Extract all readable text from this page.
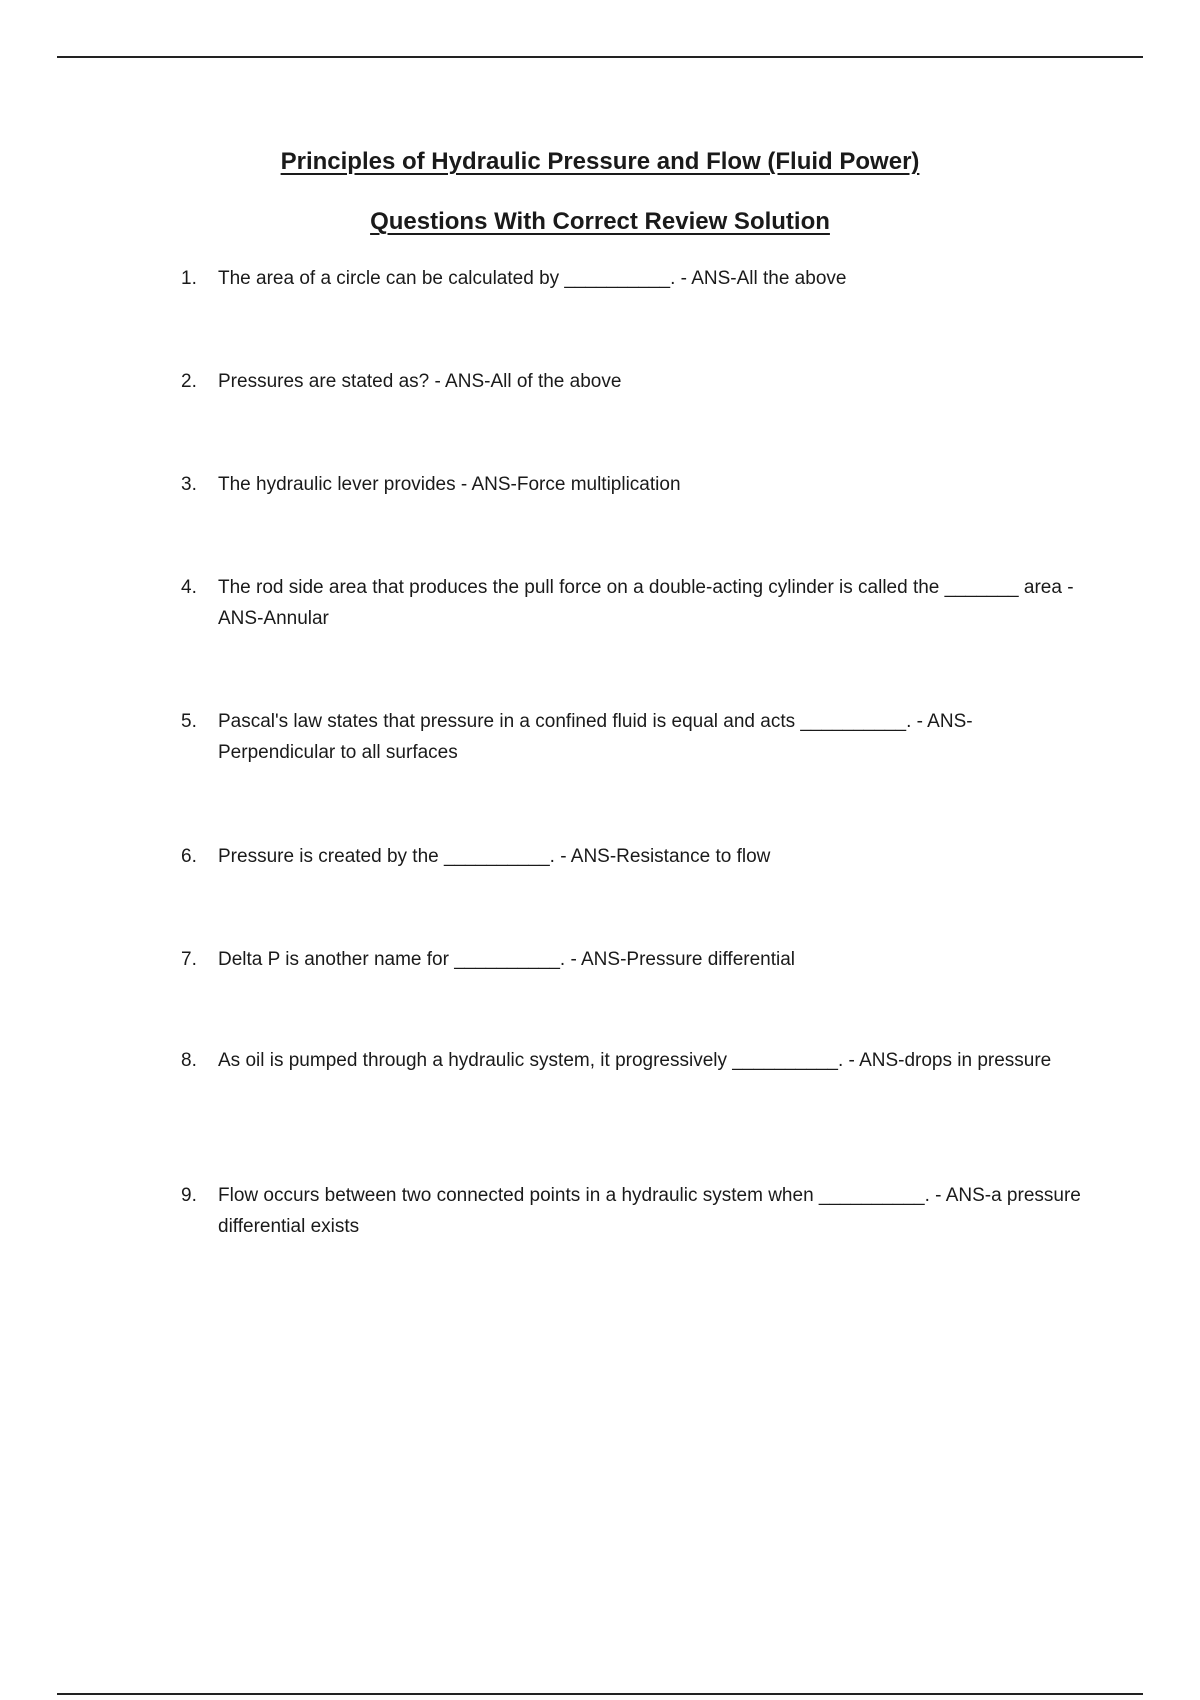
Principles of Hydraulic Pressure and Flow (Fluid Power)
Questions With Correct Review Solution
1.	The area of a circle can be calculated by __________. - ANS-All the above
2.	Pressures are stated as? - ANS-All of the above
3.	The hydraulic lever provides - ANS-Force multiplication
4.	The rod side area that produces the pull force on a double-acting cylinder is called the _______ area - ANS-Annular
5.	Pascal's law states that pressure in a confined fluid is equal and acts __________. - ANS-Perpendicular to all surfaces
6.	Pressure is created by the __________. - ANS-Resistance to flow
7.	Delta P is another name for __________. - ANS-Pressure differential
8.	As oil is pumped through a hydraulic system, it progressively __________. - ANS-drops in pressure
9.	Flow occurs between two connected points in a hydraulic system when __________. - ANS-a pressure differential exists
